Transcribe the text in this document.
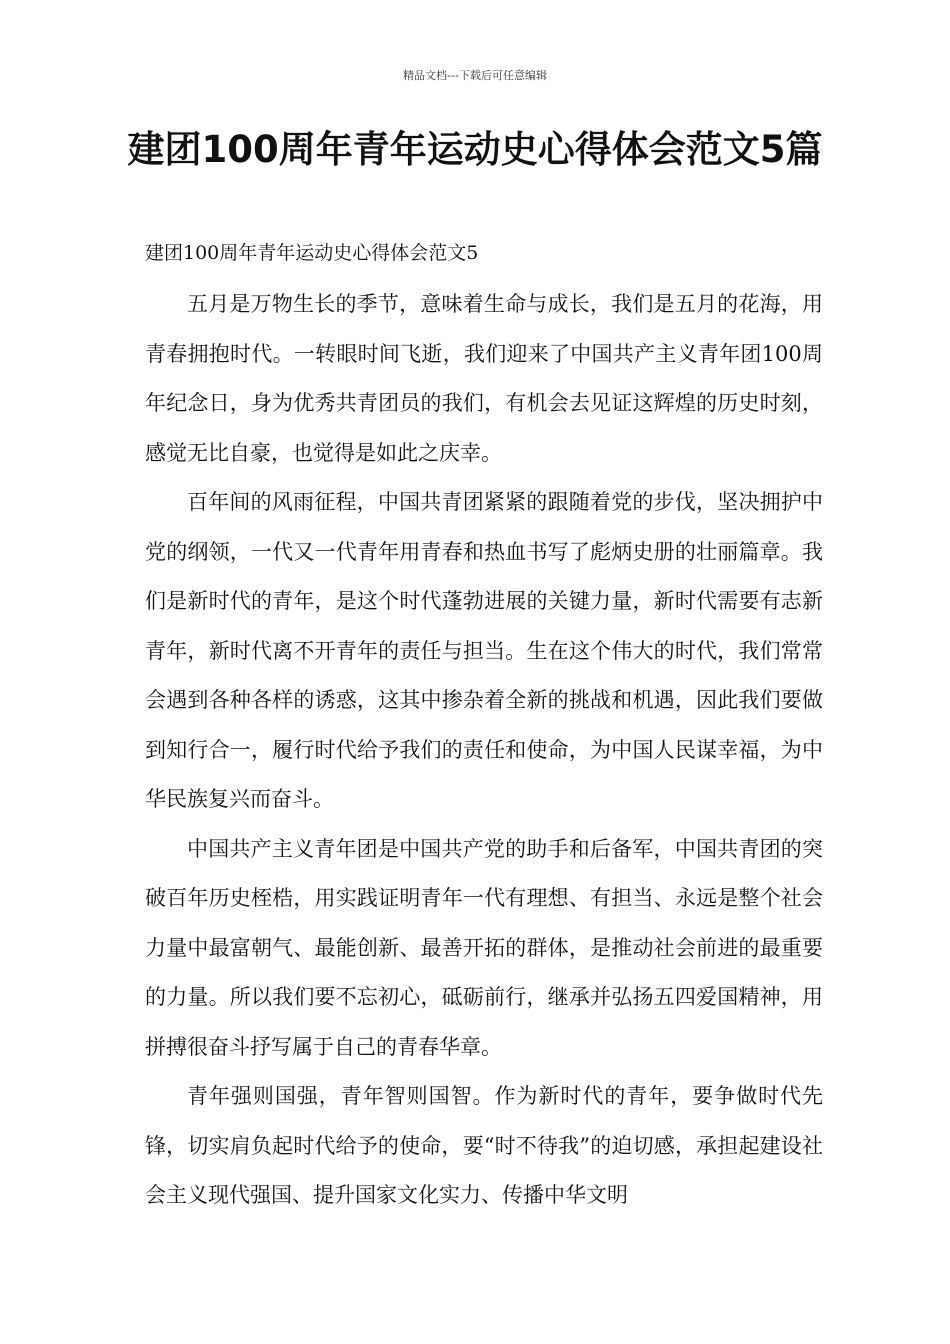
精品文档---下载后可任意编辑
建团100周年青年运动史心得体会范文5篇

建团100周年青年运动史心得体会范文5

五月是万物生长的季节，意味着生命与成长，我们是五月的花海，用青春拥抱时代。一转眼时间飞逝，我们迎来了中国共产主义青年团100周年纪念日，身为优秀共青团员的我们，有机会去见证这辉煌的历史时刻，感觉无比自豪，也觉得是如此之庆幸。

百年间的风雨征程，中国共青团紧紧的跟随着党的步伐，坚决拥护中党的纲领，一代又一代青年用青春和热血书写了彪炳史册的壮丽篇章。我们是新时代的青年，是这个时代蓬勃进展的关键力量，新时代需要有志新青年，新时代离不开青年的责任与担当。生在这个伟大的时代，我们常常会遇到各种各样的诱惑，这其中掺杂着全新的挑战和机遇，因此我们要做到知行合一，履行时代给予我们的责任和使命，为中国人民谋幸福，为中华民族复兴而奋斗。

中国共产主义青年团是中国共产党的助手和后备军，中国共青团的突破百年历史桎梏，用实践证明青年一代有理想、有担当、永远是整个社会力量中最富朝气、最能创新、最善开拓的群体，是推动社会前进的最重要的力量。所以我们要不忘初心，砥砺前行，继承并弘扬五四爱国精神，用拼搏很奋斗抒写属于自己的青春华章。

青年强则国强，青年智则国智。作为新时代的青年，要争做时代先锋，切实肩负起时代给予的使命，要“时不待我”的迫切感，承担起建设社会主义现代强国、提升国家文化实力、传播中华文明
